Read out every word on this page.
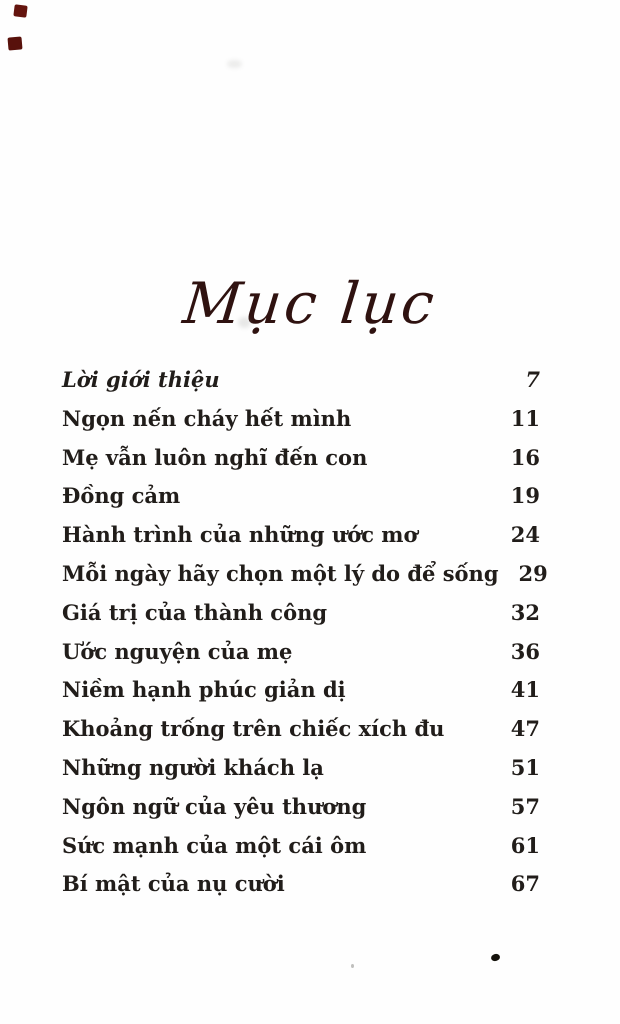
Mục lục
Lời giới thiệu	7
Ngọn nến cháy hết mình	11
Mẹ vẫn luôn nghĩ đến con	16
Đồng cảm	19
Hành trình của những ước mơ	24
Mỗi ngày hãy chọn một lý do để sống 29
Giá trị của thành công	32
Ước nguyện của mẹ	36
Niềm hạnh phúc giản dị	41
Khoảng trống trên chiếc xích đu	47
Những người khách lạ	51
Ngôn ngữ của yêu thương	57
Sức mạnh của một cái ôm	61
Bí mật của nụ cười	67
